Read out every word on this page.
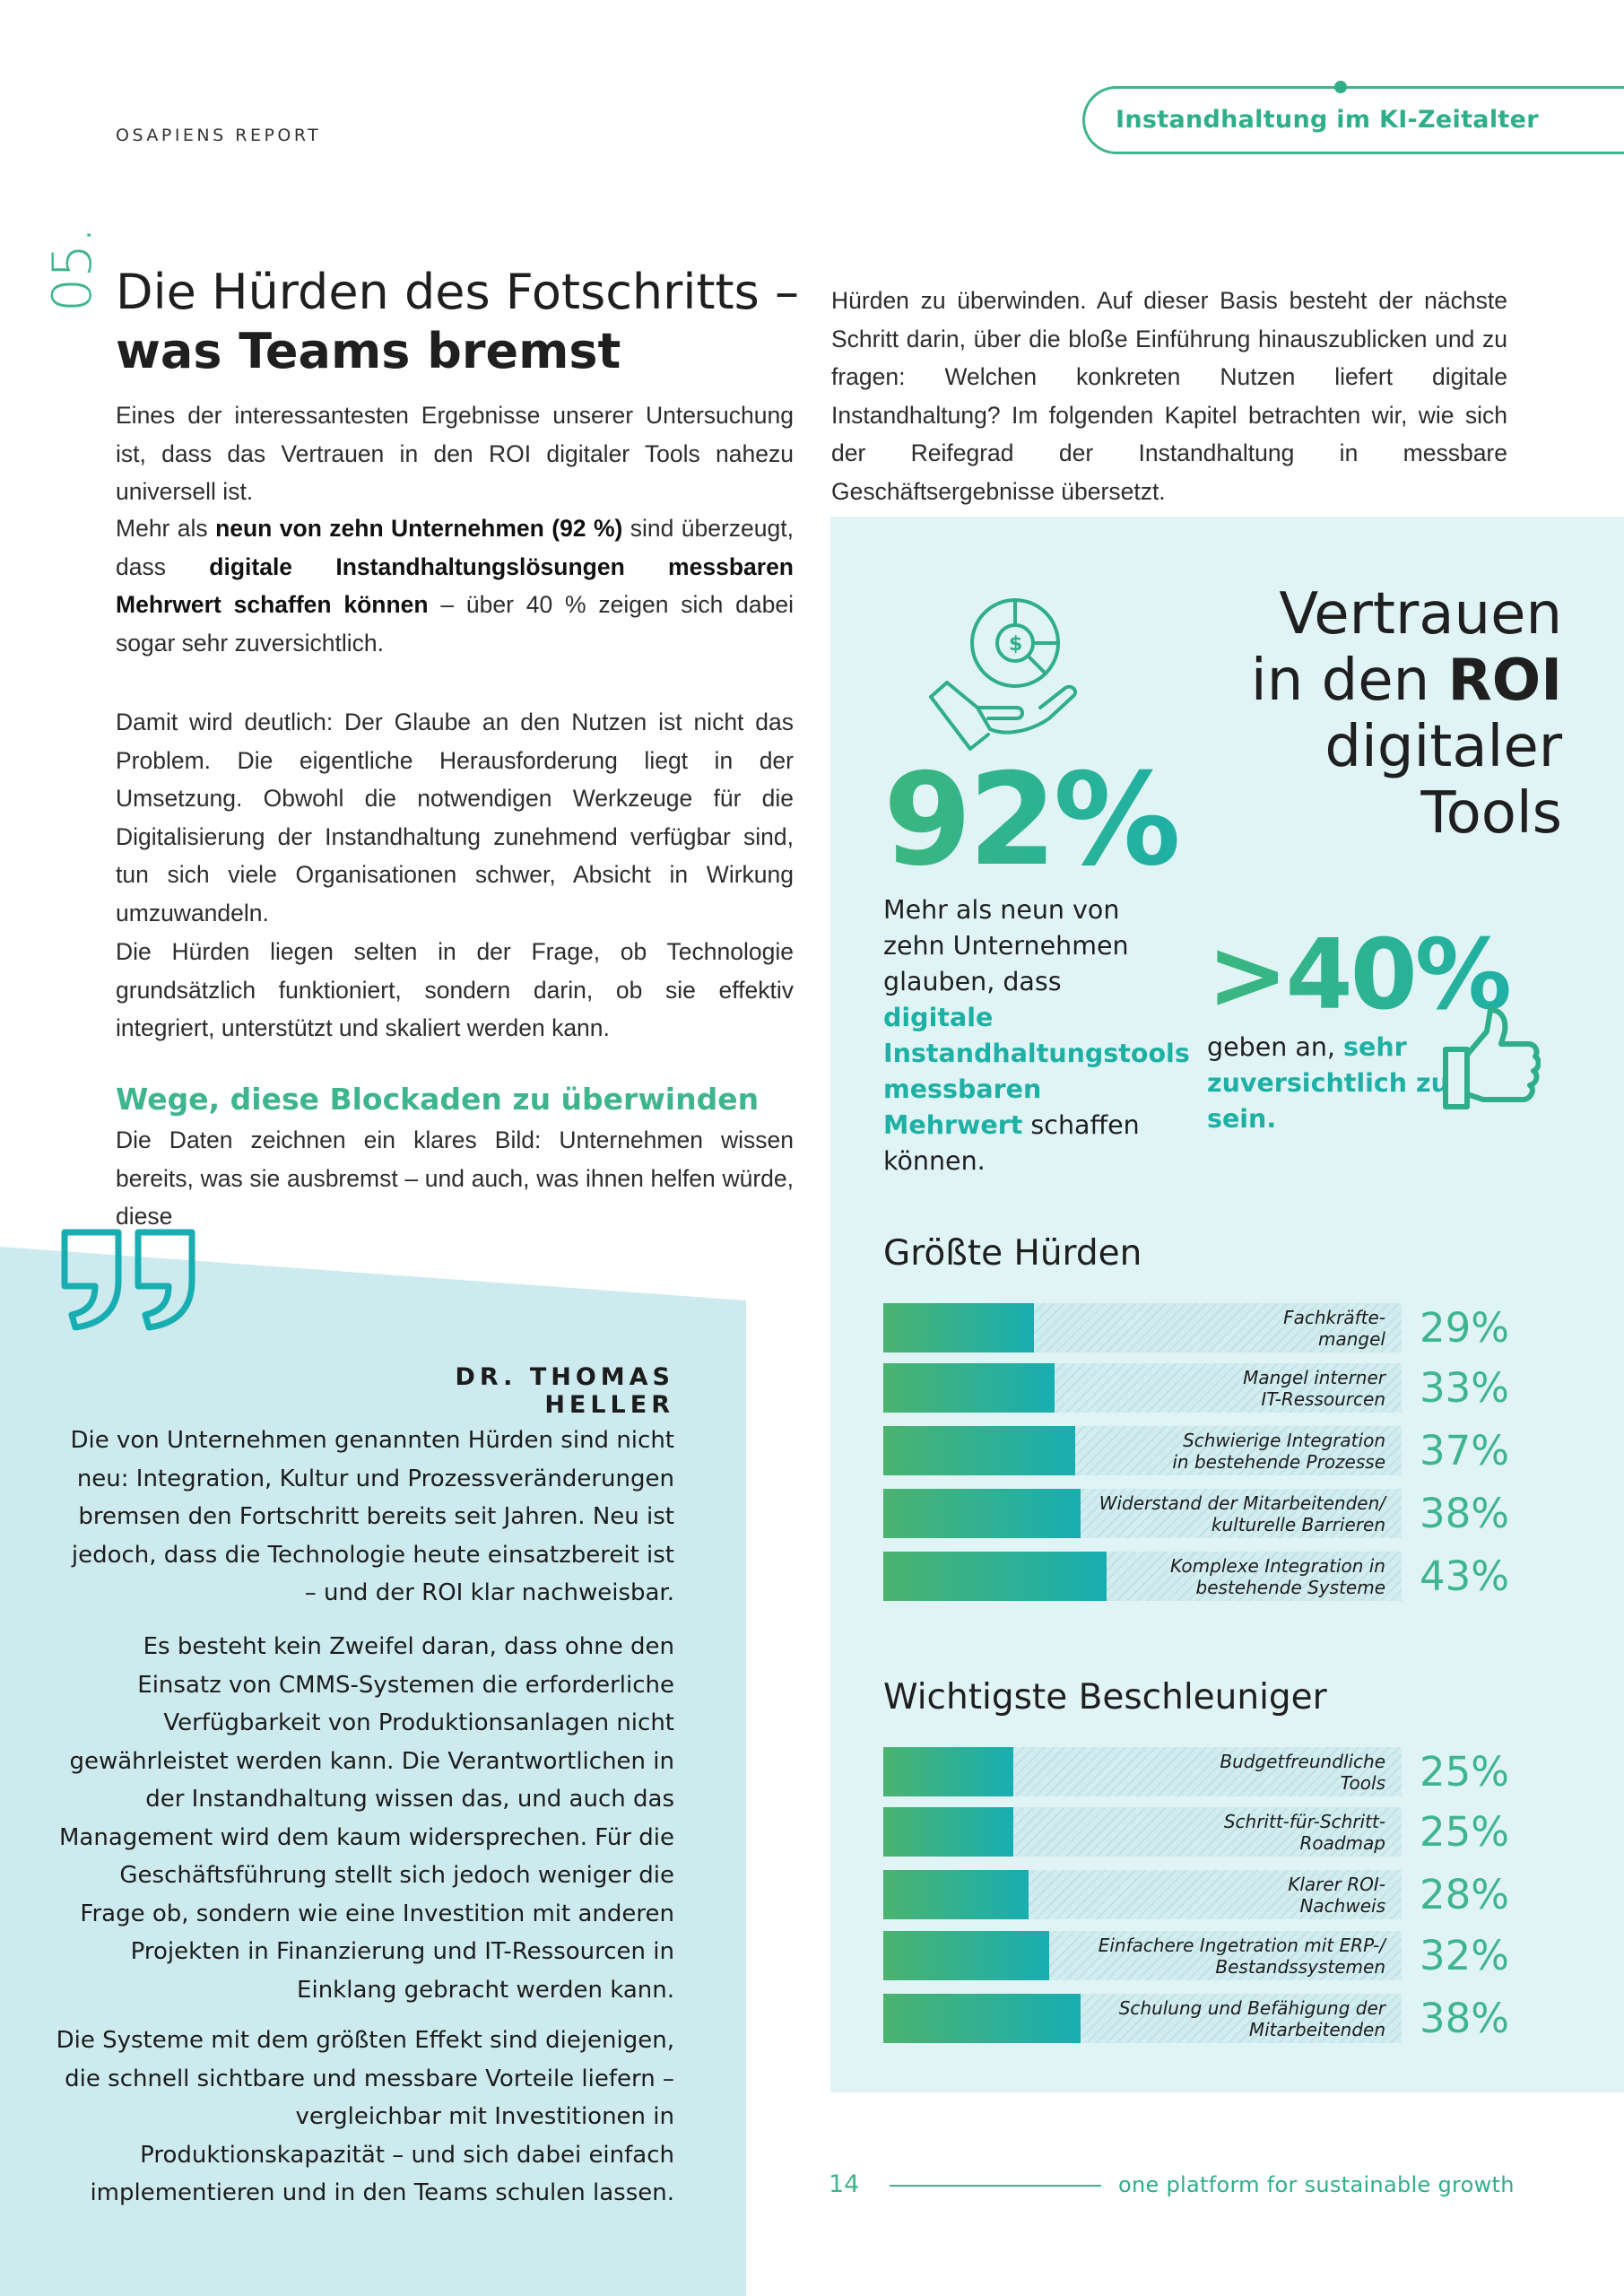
OSAPIENS REPORT
Instandhaltung im KI-Zeitalter
05. Die Hürden des Fotschritts –
was Teams bremst

Eines der interessantesten Ergebnisse unserer Untersuchung ist, dass das Vertrauen in den ROI digitaler Tools nahezu universell ist.

Mehr als neun von zehn Unternehmen (92 %) sind überzeugt, dass digitale Instandhaltungslösungen messbaren Mehrwert schaffen können – über 40 % zeigen sich dabei sogar sehr zuversichtlich.

Damit wird deutlich: Der Glaube an den Nutzen ist nicht das Problem. Die eigentliche Herausforderung liegt in der Umsetzung. Obwohl die notwendigen Werkzeuge für die Digitalisierung der Instandhaltung zunehmend verfügbar sind, tun sich viele Organisationen schwer, Absicht in Wirkung umzuwandeln.

Die Hürden liegen selten in der Frage, ob Technologie grundsätzlich funktioniert, sondern darin, ob sie effektiv integriert, unterstützt und skaliert werden kann.

Wege, diese Blockaden zu überwinden

Die Daten zeichnen ein klares Bild: Unternehmen wissen bereits, was sie ausbremst – und auch, was ihnen helfen würde, diese

Hürden zu überwinden. Auf dieser Basis besteht der nächste Schritt darin, über die bloße Einführung hinauszublicken und zu fragen: Welchen konkreten Nutzen liefert digitale Instandhaltung? Im folgenden Kapitel betrachten wir, wie sich der Reifegrad der Instandhaltung in messbare Geschäftsergebnisse übersetzt.

DR. THOMAS HELLER

Die von Unternehmen genannten Hürden sind nicht neu: Integration, Kultur und Prozessveränderungen bremsen den Fortschritt bereits seit Jahren. Neu ist jedoch, dass die Technologie heute einsatzbereit ist – und der ROI klar nachweisbar.

Es besteht kein Zweifel daran, dass ohne den Einsatz von CMMS-Systemen die erforderliche Verfügbarkeit von Produktionsanlagen nicht gewährleistet werden kann. Die Verantwortlichen in der Instandhaltung wissen das, und auch das Management wird dem kaum widersprechen. Für die Geschäftsführung stellt sich jedoch weniger die Frage ob, sondern wie eine Investition mit anderen Projekten in Finanzierung und IT-Ressourcen in Einklang gebracht werden kann.

Die Systeme mit dem größten Effekt sind diejenigen, die schnell sichtbare und messbare Vorteile liefern – vergleichbar mit Investitionen in Produktionskapazität – und sich dabei einfach implementieren und in den Teams schulen lassen.

$
92%

Mehr als neun von zehn Unternehmen glauben, dass digitale Instandhaltungstools messbaren Mehrwert schaffen können.

Vertrauen
in den ROI
digitaler
Tools
>40%

geben an, sehr zuversichtlich zu sein.

Größte Hürden
Fachkräfte-
mangel 29%
Mangel interner
IT-Ressourcen 33%
Schwierige Integration
in bestehende Prozesse 37%
Widerstand der Mitarbeitenden/
kulturelle Barrieren 38%
Komplexe Integration in
bestehende Systeme 43%
Wichtigste Beschleuniger
Budgetfreundliche
Tools 25%
Schritt-für-Schritt-
Roadmap 25%
Klarer ROI-
Nachweis 28%
Einfachere Ingetration mit ERP-/
Bestandssystemen 32%
Schulung und Befähigung der
Mitarbeitenden 38%
14	one platform for sustainable growth
